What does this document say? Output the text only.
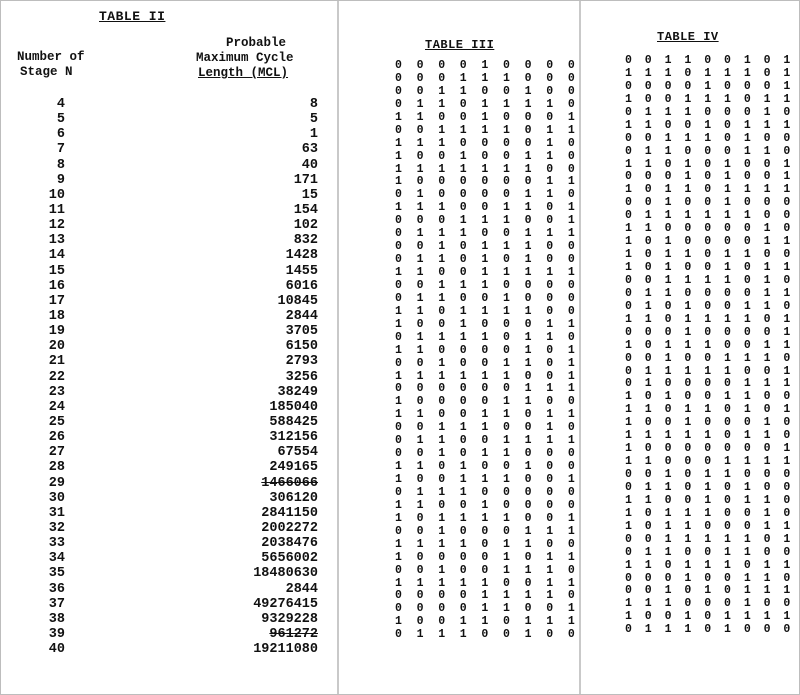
TABLE II
Number of
Stage N
Probable
Maximum Cycle
Length (MCL)
4	8
5	5
6	1
7	63
8	40
9	171
10	15
11	154
12	102
13	832
14	1428
15	1455
16	6016
17	10845
18	2844
19	3705
20	6150
21	2793
22	3256
23	38249
24	185040
25	588425
26	312156
27	67554
28	249165
29	1466066
30	306120
31	2841150
32	2002272
33	2038476
34	5656002
35	18480630
36	2844
37	49276415
38	9329228
39	961272
40	19211080
TABLE III
0 0 0 0 1 0 0 0 0
0 0 0 1 1 1 0 0 0
0 0 1 1 0 0 1 0 0
0 1 1 0 1 1 1 1 0
1 1 0 0 1 0 0 0 1
0 0 1 1 1 1 0 1 1
1 1 1 0 0 0 0 1 0
1 0 0 1 0 0 1 1 0
1 1 1 1 1 1 1 0 0
1 0 0 0 0 0 0 1 1
0 1 0 0 0 0 1 1 0
1 1 1 0 0 1 1 0 1
0 0 0 1 1 1 0 0 1
0 1 1 1 0 0 1 1 1
0 0 1 0 1 1 1 0 0
0 1 1 0 1 0 1 0 0
1 1 0 0 1 1 1 1 1
0 0 1 1 1 0 0 0 0
0 1 1 0 0 1 0 0 0
1 1 0 1 1 1 1 0 0
1 0 0 1 0 0 0 1 1
0 1 1 1 1 0 1 1 0
1 1 0 0 0 0 1 0 1
0 0 1 0 0 1 1 0 1
1 1 1 1 1 1 0 0 1
0 0 0 0 0 0 1 1 1
1 0 0 0 0 1 1 0 0
1 1 0 0 1 1 0 1 1
0 0 1 1 1 0 0 1 0
0 1 1 0 0 1 1 1 1
0 0 1 0 1 1 0 0 0
1 1 0 1 0 0 1 0 0
1 0 0 1 1 1 0 0 1
0 1 1 1 0 0 0 0 0
1 1 0 0 1 0 0 0 0
1 0 1 1 1 1 0 0 1
0 0 1 0 0 0 1 1 1
1 1 1 1 0 1 1 0 0
1 0 0 0 0 1 0 1 1
0 0 1 0 0 1 1 1 0
1 1 1 1 1 0 0 1 1
0 0 0 0 1 1 1 1 0
0 0 0 0 1 1 0 0 1
1 0 0 1 1 0 1 1 1
0 1 1 1 0 0 1 0 0
TABLE IV
0 0 1 1 0 0 1 0 1
1 1 1 0 1 1 1 0 1
0 0 0 0 1 0 0 0 1
1 0 0 1 1 1 0 1 1
0 1 1 1 0 0 0 1 0
1 1 0 0 1 0 1 1 1
0 0 1 1 1 0 1 0 0
0 1 1 0 0 0 1 1 0
1 1 0 1 0 1 0 0 1
0 0 0 1 0 1 0 0 1
1 0 1 1 0 1 1 1 1
0 0 1 0 0 1 0 0 0
0 1 1 1 1 1 1 0 0
1 1 0 0 0 0 0 1 0
1 0 1 0 0 0 0 1 1
1 0 1 1 0 1 1 0 0
1 0 1 0 0 1 0 1 1
0 0 1 1 1 1 0 1 0
0 1 1 0 0 0 0 1 1
0 1 0 1 0 0 1 1 0
1 1 0 1 1 1 1 0 1
0 0 0 1 0 0 0 0 1
1 0 1 1 1 0 0 1 1
0 0 1 0 0 1 1 1 0
0 1 1 1 1 1 0 0 1
0 1 0 0 0 0 1 1 1
1 0 1 0 0 1 1 0 0
1 1 0 1 1 0 1 0 1
1 0 0 1 0 0 0 1 0
1 1 1 1 1 0 1 1 0
1 0 0 0 0 0 0 0 1
1 1 0 0 0 1 1 1 1
0 0 1 0 1 1 0 0 0
0 1 1 0 1 0 1 0 0
1 1 0 0 1 0 1 1 0
1 0 1 1 1 0 0 1 0
1 0 1 1 0 0 0 1 1
0 0 1 1 1 1 1 0 1
0 1 1 0 0 1 1 0 0
1 1 0 1 1 1 0 1 1
0 0 0 1 0 0 1 1 0
0 0 1 0 1 0 1 1 1
1 1 1 0 0 0 1 0 0
1 0 0 1 0 1 1 1 1
0 1 1 1 0 1 0 0 0
